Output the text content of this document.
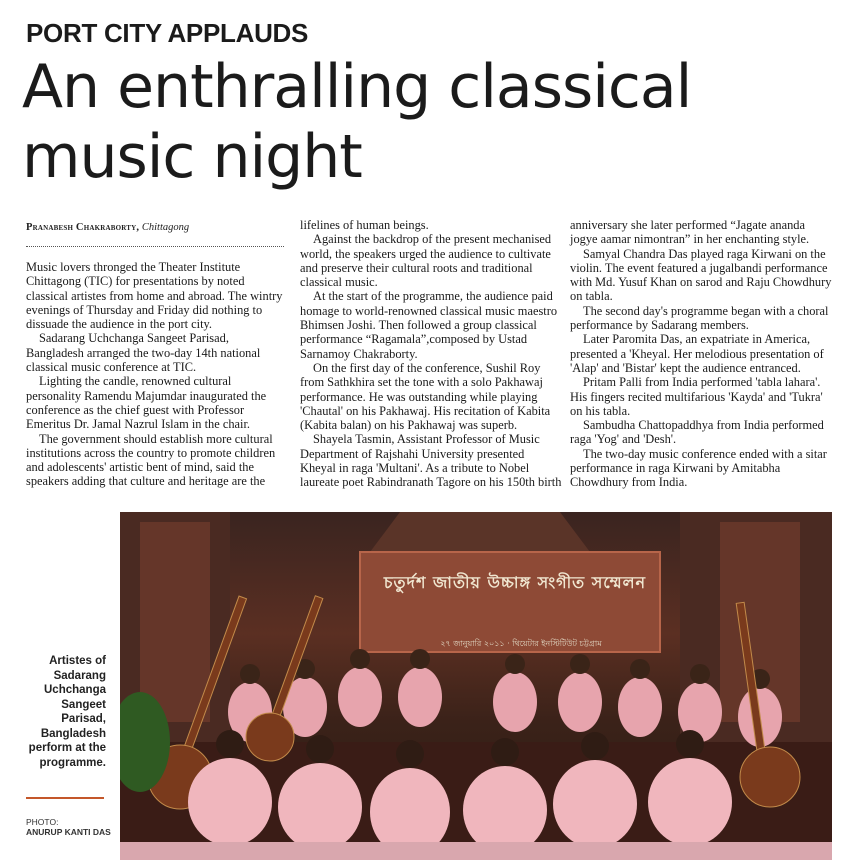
PORT CITY APPLAUDS
An enthralling classical music night
Pranabesh Chakraborty, Chittagong

Music lovers thronged the Theater Institute Chittagong (TIC) for presentations by noted classical artistes from home and abroad. The wintry evenings of Thursday and Friday did nothing to dissuade the audience in the port city.

Sadarang Uchchanga Sangeet Parisad, Bangladesh arranged the two-day 14th national classical music conference at TIC.

Lighting the candle, renowned cultural personality Ramendu Majumdar inaugurated the conference as the chief guest with Professor Emeritus Dr. Jamal Nazrul Islam in the chair.

The government should establish more cultural institutions across the country to promote children and adolescents' artistic bent of mind, said the speakers adding that culture and heritage are the

lifelines of human beings.

Against the backdrop of the present mechanised world, the speakers urged the audience to cultivate and preserve their cultural roots and traditional classical music.

At the start of the programme, the audience paid homage to world-renowned classical music maestro Bhimsen Joshi. Then followed a group classical performance “Ragamala”,composed by Ustad Sarnamoy Chakraborty.

On the first day of the conference, Sushil Roy from Sathkhira set the tone with a solo Pakhawaj performance. He was outstanding while playing 'Chautal' on his Pakhawaj. His recitation of Kabita (Kabita balan) on his Pakhawaj was superb.

Shayela Tasmin, Assistant Professor of Music Department of Rajshahi University presented Kheyal in raga 'Multani'. As a tribute to Nobel laureate poet Rabindranath Tagore on his 150th birth

anniversary she later performed “Jagate ananda jogye aamar nimontran” in her enchanting style.

Samyal Chandra Das played raga Kirwani on the violin. The event featured a jugalbandi performance with Md. Yusuf Khan on sarod and Raju Chowdhury on tabla.

The second day's programme began with a choral performance by Sadarang members.

Later Paromita Das, an expatriate in America, presented a 'Kheyal. Her melodious presentation of 'Alap' and 'Bistar' kept the audience entranced.

Pritam Palli from India performed 'tabla lahara'. His fingers recited multifarious 'Kayda' and 'Tukra' on his tabla.

Sambudha Chattopaddhya from India performed raga 'Yog' and 'Desh'.

The two-day music conference ended with a sitar performance in raga Kirwani by Amitabha Chowdhury from India.

Artistes of Sadarang Uchchanga Sangeet Parisad, Bangladesh perform at the programme.
PHOTO:
ANURUP KANTI DAS
চতুর্দশ জাতীয় উচ্চাঙ্গ সংগীত সম্মেলন
২৭ জানুয়ারি ২০১১ · থিয়েটার ইনস্টিটিউট চট্টগ্রাম
